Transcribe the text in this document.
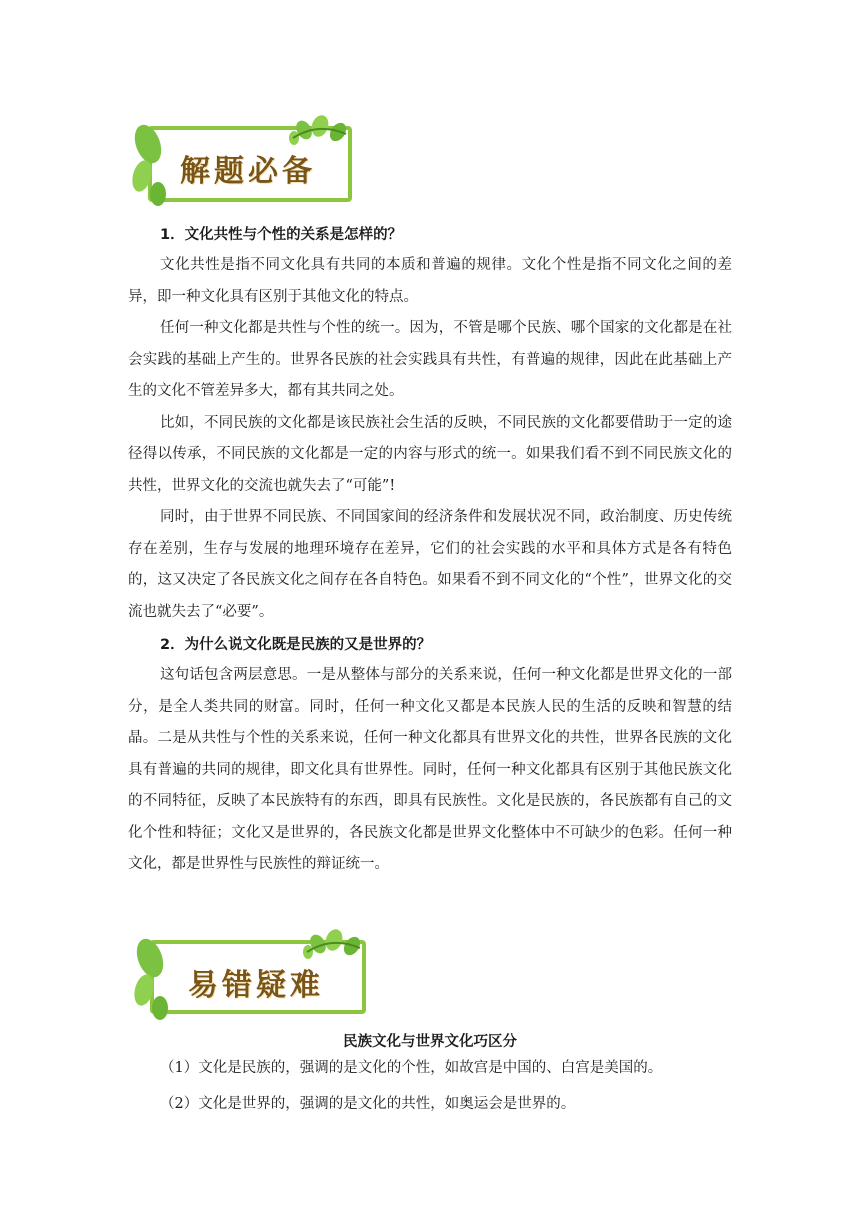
解题必备

1．文化共性与个性的关系是怎样的？

文化共性是指不同文化具有共同的本质和普遍的规律。文化个性是指不同文化之间的差异，即一种文化具有区别于其他文化的特点。

任何一种文化都是共性与个性的统一。因为，不管是哪个民族、哪个国家的文化都是在社会实践的基础上产生的。世界各民族的社会实践具有共性，有普遍的规律，因此在此基础上产生的文化不管差异多大，都有其共同之处。

比如，不同民族的文化都是该民族社会生活的反映，不同民族的文化都要借助于一定的途径得以传承，不同民族的文化都是一定的内容与形式的统一。如果我们看不到不同民族文化的共性，世界文化的交流也就失去了“可能”!

同时，由于世界不同民族、不同国家间的经济条件和发展状况不同，政治制度、历史传统存在差别，生存与发展的地理环境存在差异，它们的社会实践的水平和具体方式是各有特色的，这又决定了各民族文化之间存在各自特色。如果看不到不同文化的“个性”，世界文化的交流也就失去了“必要”。

2．为什么说文化既是民族的又是世界的？

这句话包含两层意思。一是从整体与部分的关系来说，任何一种文化都是世界文化的一部分，是全人类共同的财富。同时，任何一种文化又都是本民族人民的生活的反映和智慧的结晶。二是从共性与个性的关系来说，任何一种文化都具有世界文化的共性，世界各民族的文化具有普遍的共同的规律，即文化具有世界性。同时，任何一种文化都具有区别于其他民族文化的不同特征，反映了本民族特有的东西，即具有民族性。文化是民族的，各民族都有自己的文化个性和特征；文化又是世界的，各民族文化都是世界文化整体中不可缺少的色彩。任何一种文化，都是世界性与民族性的辩证统一。

易错疑难
民族文化与世界文化巧区分
（1）文化是民族的，强调的是文化的个性，如故宫是中国的、白宫是美国的。
（2）文化是世界的，强调的是文化的共性，如奥运会是世界的。
